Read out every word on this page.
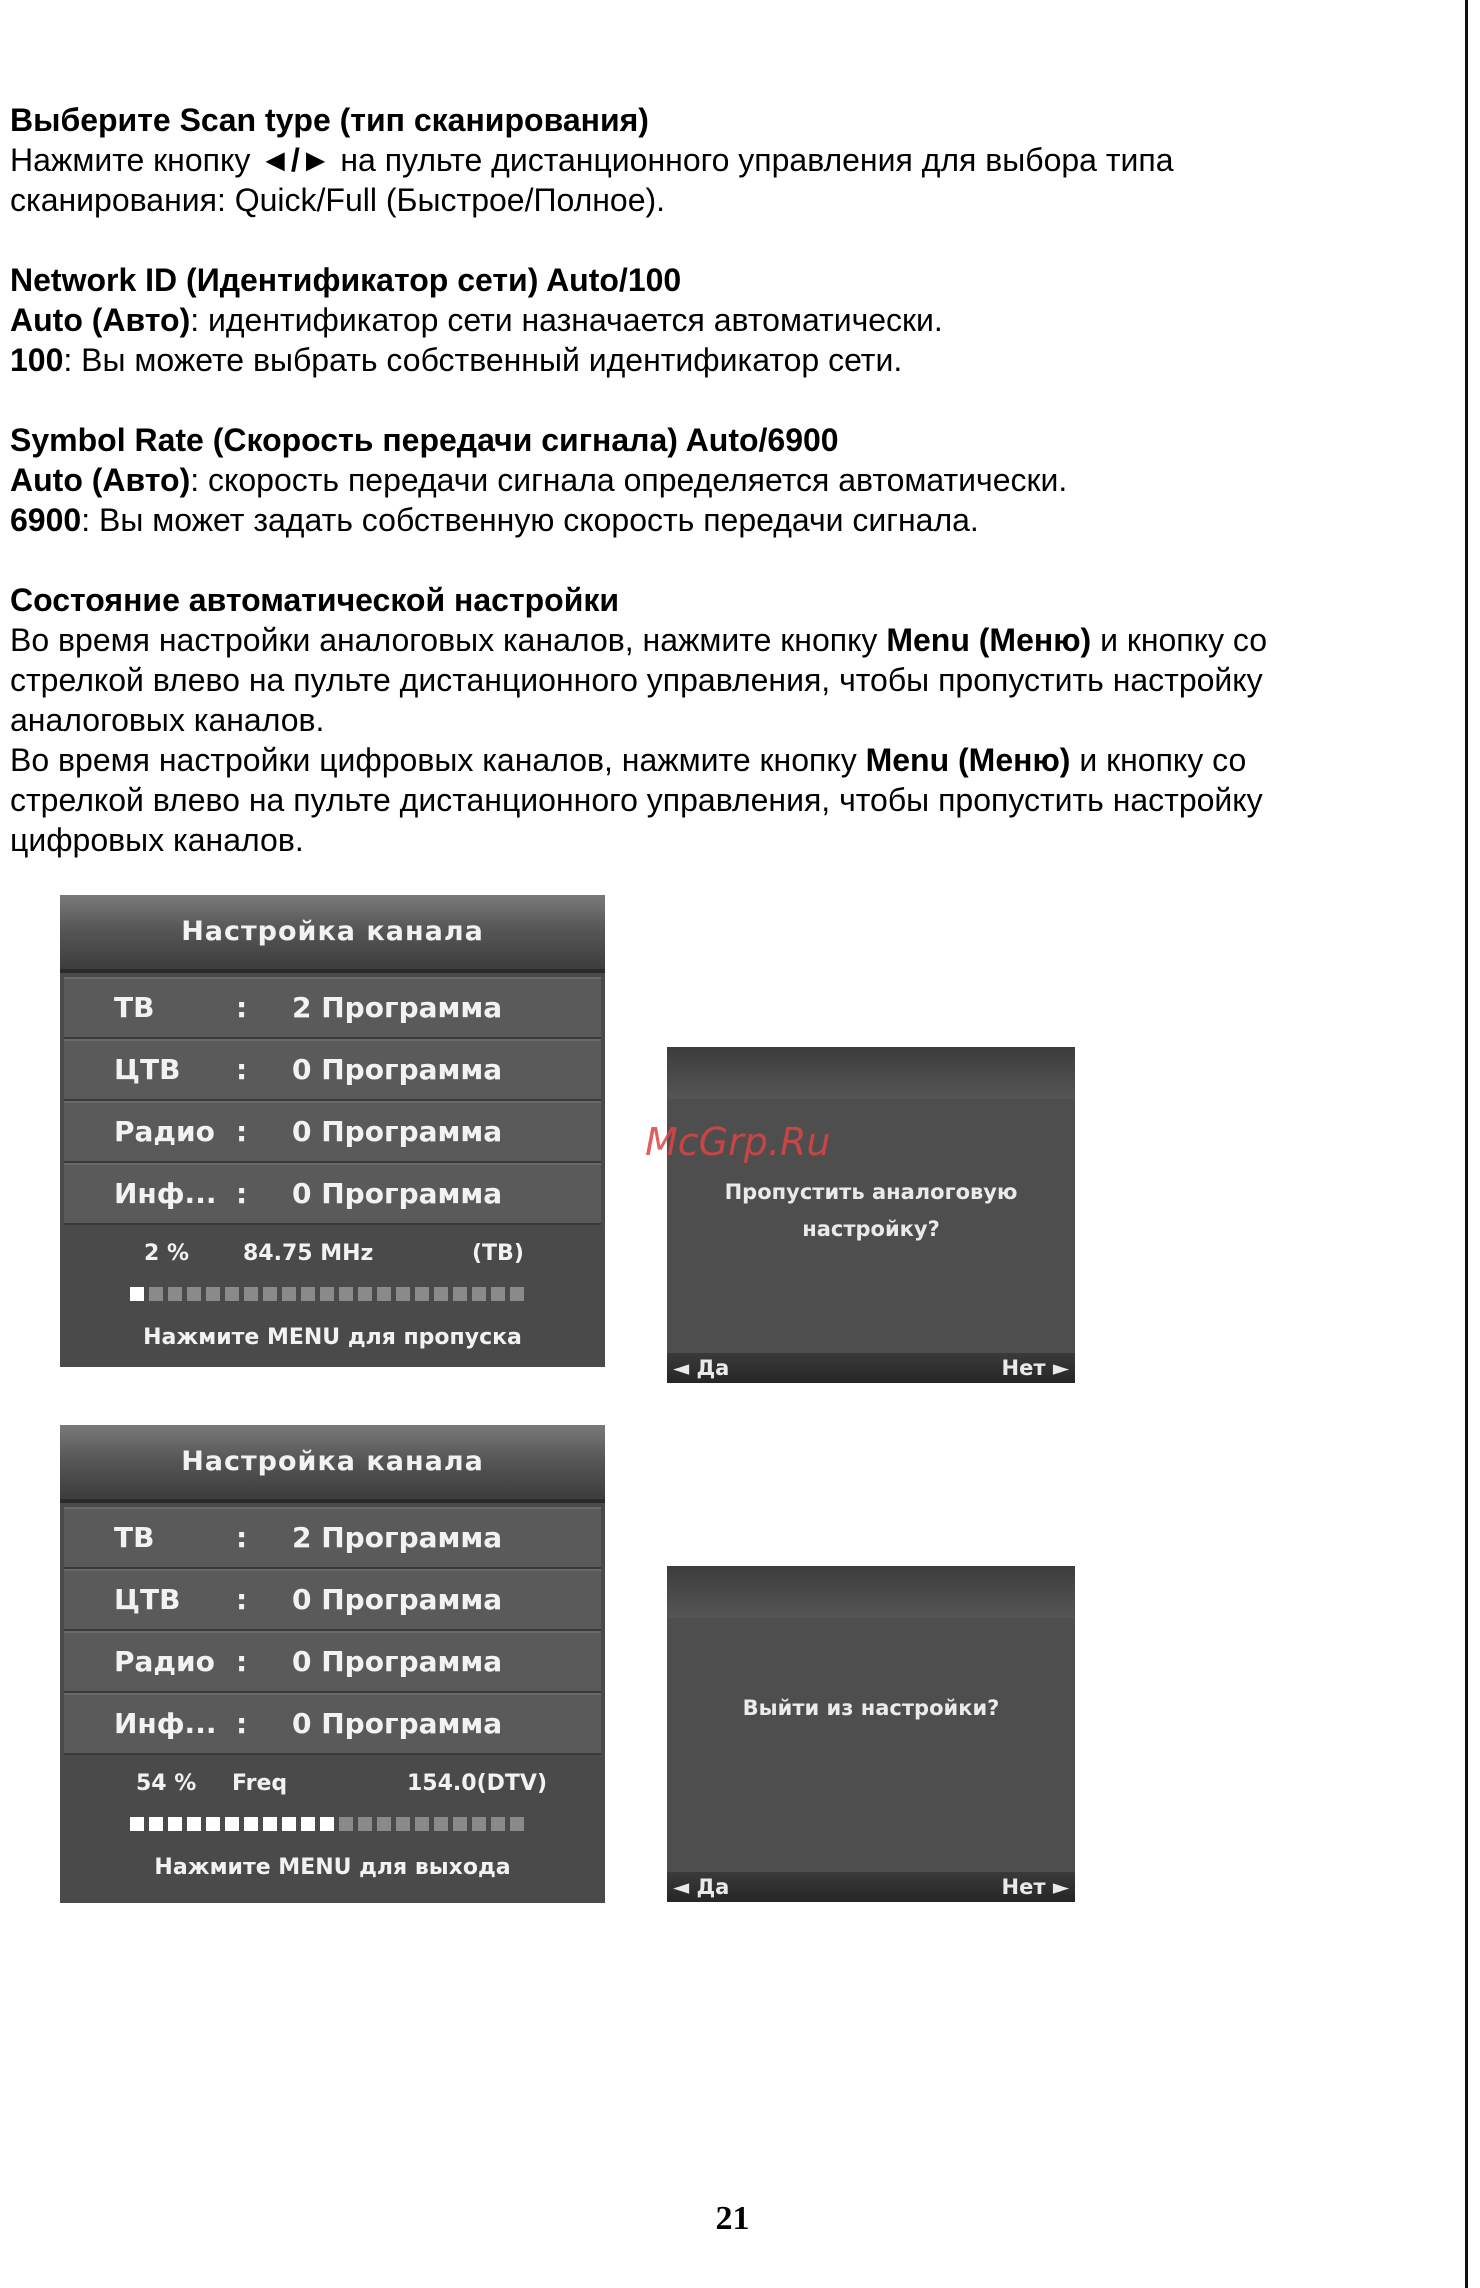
Выберите Scan type (тип сканирования)

Нажмите кнопку ◄/► на пульте дистанционного управления для выбора типа

сканирования: Quick/Full (Быстрое/Полное).

Network ID (Идентификатор сети) Auto/100

Auto (Авто): идентификатор сети назначается автоматически.

100: Вы можете выбрать собственный идентификатор сети.

Symbol Rate (Скорость передачи сигнала) Auto/6900

Auto (Авто): скорость передачи сигнала определяется автоматически.

6900: Вы может задать собственную скорость передачи сигнала.

Состояние автоматической настройки

Во время настройки аналоговых каналов, нажмите кнопку Menu (Меню) и кнопку со

стрелкой влево на пульте дистанционного управления, чтобы пропустить настройку

аналоговых каналов.

Во время настройки цифровых каналов, нажмите кнопку Menu (Меню) и кнопку со

стрелкой влево на пульте дистанционного управления, чтобы пропустить настройку

цифровых каналов.

Настройка канала
ТВ	: 2 Программа
ЦТВ : 0 Программа
Радио : 0 Программа
Инф... : 0 Программа
2 % 84.75 MHz	(ТВ)
Нажмите MENU для пропуска
Пропустить аналоговую
настройку?
◄ Да	Нет ►
McGrp.Ru
Настройка канала
ТВ	: 2 Программа
ЦТВ : 0 Программа
Радио : 0 Программа
Инф... : 0 Программа
54 % Freq	154.0(DTV)
Нажмите MENU для выхода
Выйти из настройки?
◄ Да	Нет ►
21
